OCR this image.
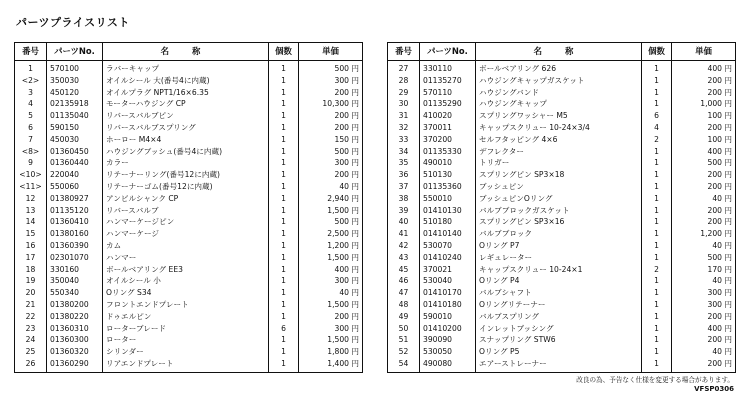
パーツプライスリスト
番号	パーツNo.	名 称	個数	単価
1	570100	ラバーキャップ	1	500 円
<2>	350030	オイルシール 大(番号4に内蔵)	1	300 円
3	450120	オイルプラグ NPT1/16×6.35	1	200 円
4	02135918	モーターハウジング CP	1	10,300 円
5	01135040	リバースバルブピン	1	200 円
6	590150	リバースバルブスプリング	1	200 円
7	450030	ホーロー M4×4	1	150 円
<8>	01360450	ハウジングブッシュ(番号4に内蔵)	1	500 円
9	01360440	カラー	1	300 円
<10>	220040	リテーナーリング(番号12に内蔵)	1	200 円
<11>	550060	リテーナーゴム(番号12に内蔵)	1	40 円
12	01380927	アンビルシャンク CP	1	2,940 円
13	01135120	リバースバルブ	1	1,500 円
14	01360410	ハンマーケージピン	1	500 円
15	01380160	ハンマーケージ	1	2,500 円
16	01360390	カム	1	1,200 円
17	02301070	ハンマー	1	1,500 円
18	330160	ボールベアリング EE3	1	400 円
19	350040	オイルシール 小	1	300 円
20	550340	Oリング S34	1	40 円
21	01380200	フロントエンドプレート	1	1,500 円
22	01380220	ドゥエルピン	1	200 円
23	01360310	ローターブレード	6	300 円
24	01360300	ローター	1	1,500 円
25	01360320	シリンダー	1	1,800 円
26	01360290	リアエンドプレート	1	1,400 円
番号	パーツNo.	名 称	個数	単価
27	330110	ボールベアリング 626	1	400 円
28	01135270	ハウジングキャップガスケット	1	200 円
29	570110	ハウジングバンド	1	200 円
30	01135290	ハウジングキャップ	1	1,000 円
31	410020	スプリングワッシャー M5	6	100 円
32	370011	キャップスクリュー 10-24×3/4	4	200 円
33	370200	セルフタッピング 4×6	2	100 円
34	01135330	デフレクター	1	400 円
35	490010	トリガー	1	500 円
36	510130	スプリングピン SP3×18	1	200 円
37	01135360	ブッシュピン	1	200 円
38	550010	ブッシュピンOリング	1	40 円
39	01410130	バルブブロックガスケット	1	200 円
40	510180	スプリングピン SP3×16	1	200 円
41	01410140	バルブブロック	1	1,200 円
42	530070	Oリング P7	1	40 円
43	01410240	レギュレーター	1	500 円
45	370021	キャップスクリュー 10-24×1	2	170 円
46	530040	Oリング P4	1	40 円
47	01410170	バルブシャフト	1	300 円
48	01410180	Oリングリテーナー	1	300 円
49	590010	バルブスプリング	1	200 円
50	01410200	インレットブッシング	1	400 円
51	390090	スナップリング STW6	1	200 円
52	530050	Oリング P5	1	40 円
54	490080	エアーストレーナー	1	200 円
改良の為、予告なく仕様を変更する場合があります。
VFSP0306
